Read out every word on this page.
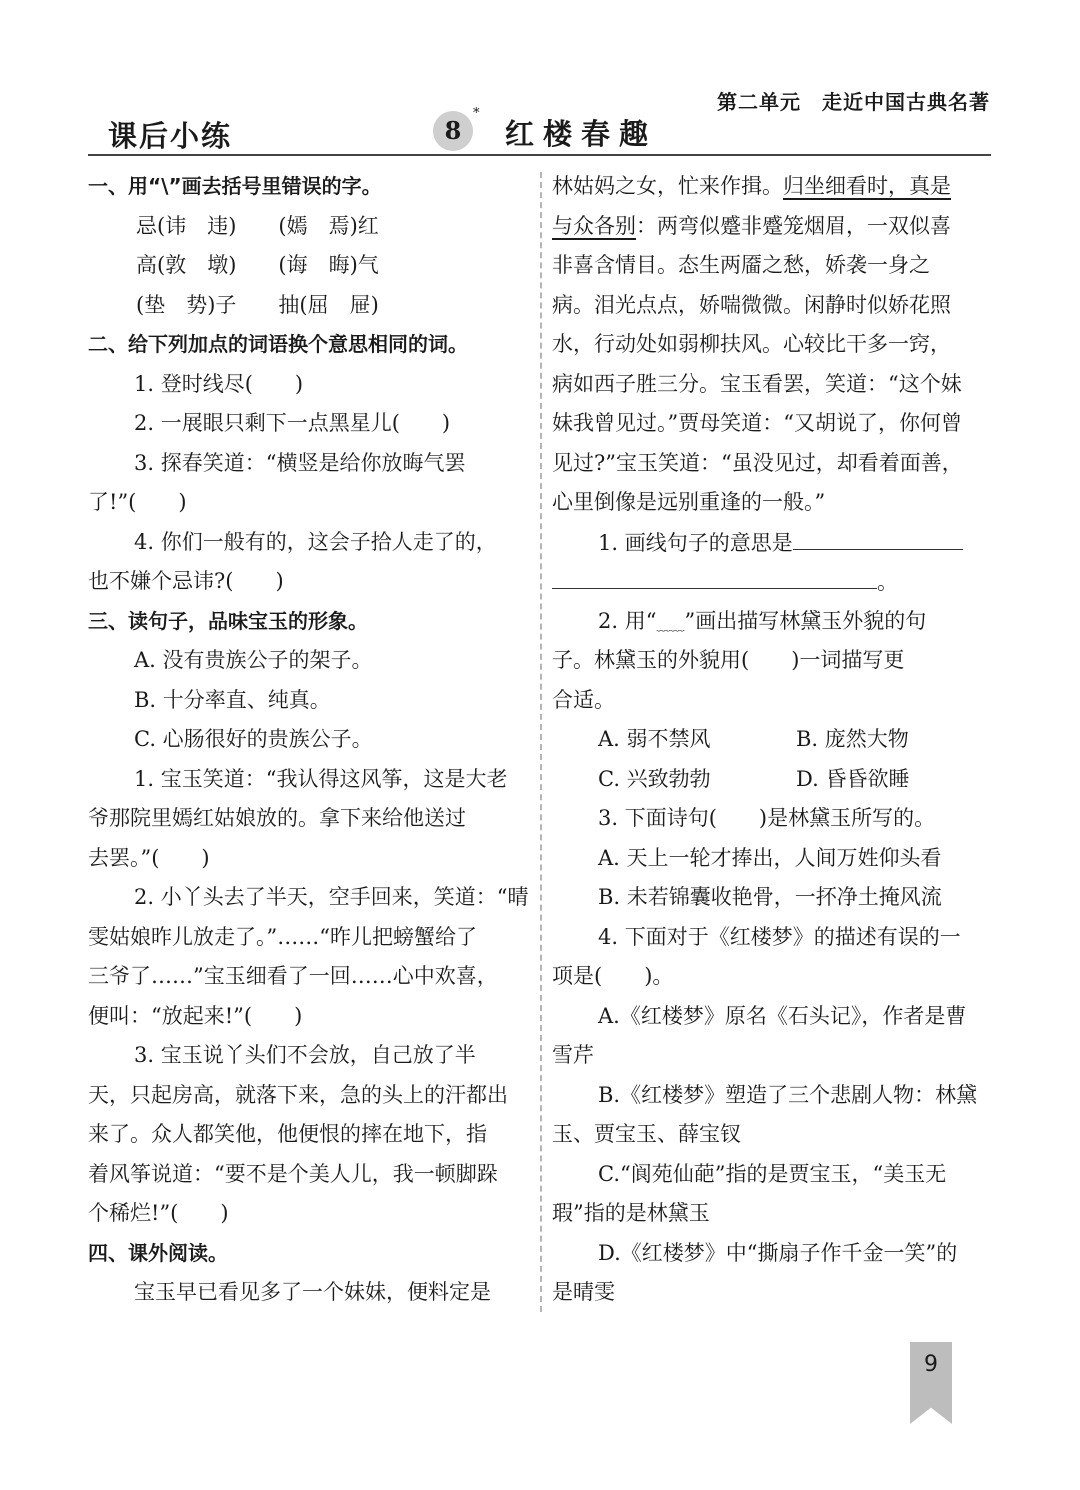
第二单元　走近中国古典名著
课后小练	8
*
红楼春趣
一、用“\”画去括号里错误的字。
忌(讳　违)　　(嫣　焉)红
高(敦　墩)　　(诲　晦)气
(垫　势)子　　抽(屈　屉)
二、给下列加点的词语换个意思相同的词。
1. 登时线尽(　　)
2. 一展眼只剩下一点黑星儿(　　)
3. 探春笑道：“横竖是给你放晦气罢
了!”(　　)
4. 你们一般有的，这会子拾人走了的，
也不嫌个忌讳?(　　)
三、读句子，品味宝玉的形象。
A. 没有贵族公子的架子。
B. 十分率直、纯真。
C. 心肠很好的贵族公子。
1. 宝玉笑道：“我认得这风筝，这是大老
爷那院里嫣红姑娘放的。拿下来给他送过
去罢。”(　　)
2. 小丫头去了半天，空手回来，笑道：“晴
雯姑娘昨儿放走了。”……“昨儿把螃蟹给了
三爷了……”宝玉细看了一回……心中欢喜，
便叫：“放起来!”(　　)
3. 宝玉说丫头们不会放，自己放了半
天，只起房高，就落下来，急的头上的汗都出
来了。众人都笑他，他便恨的摔在地下，指
着风筝说道：“要不是个美人儿，我一顿脚跺
个稀烂!”(　　)
四、课外阅读。
宝玉早已看见多了一个妹妹，便料定是
林姑妈之女，忙来作揖。归坐细看时，真是
与众各别：两弯似蹙非蹙笼烟眉，一双似喜
非喜含情目。态生两靥之愁，娇袭一身之
病。泪光点点，娇喘微微。闲静时似娇花照
水，行动处如弱柳扶风。心较比干多一窍，
病如西子胜三分。宝玉看罢，笑道：“这个妹
妹我曾见过。”贾母笑道：“又胡说了，你何曾
见过?”宝玉笑道：“虽没见过，却看着面善，
心里倒像是远别重逢的一般。”
1. 画线句子的意思是
。
2. 用“﹏﹏”画出描写林黛玉外貌的句
子。林黛玉的外貌用(　　)一词描写更
合适。
A. 弱不禁风	B. 庞然大物
C. 兴致勃勃	D. 昏昏欲睡
3. 下面诗句(　　)是林黛玉所写的。
A. 天上一轮才捧出，人间万姓仰头看
B. 未若锦囊收艳骨，一抔净土掩风流
4. 下面对于《红楼梦》的描述有误的一
项是(　　)。
A.《红楼梦》原名《石头记》，作者是曹
雪芹
B.《红楼梦》塑造了三个悲剧人物：林黛
玉、贾宝玉、薛宝钗
C.“阆苑仙葩”指的是贾宝玉，“美玉无
瑕”指的是林黛玉
D.《红楼梦》中“撕扇子作千金一笑”的
是晴雯
9
